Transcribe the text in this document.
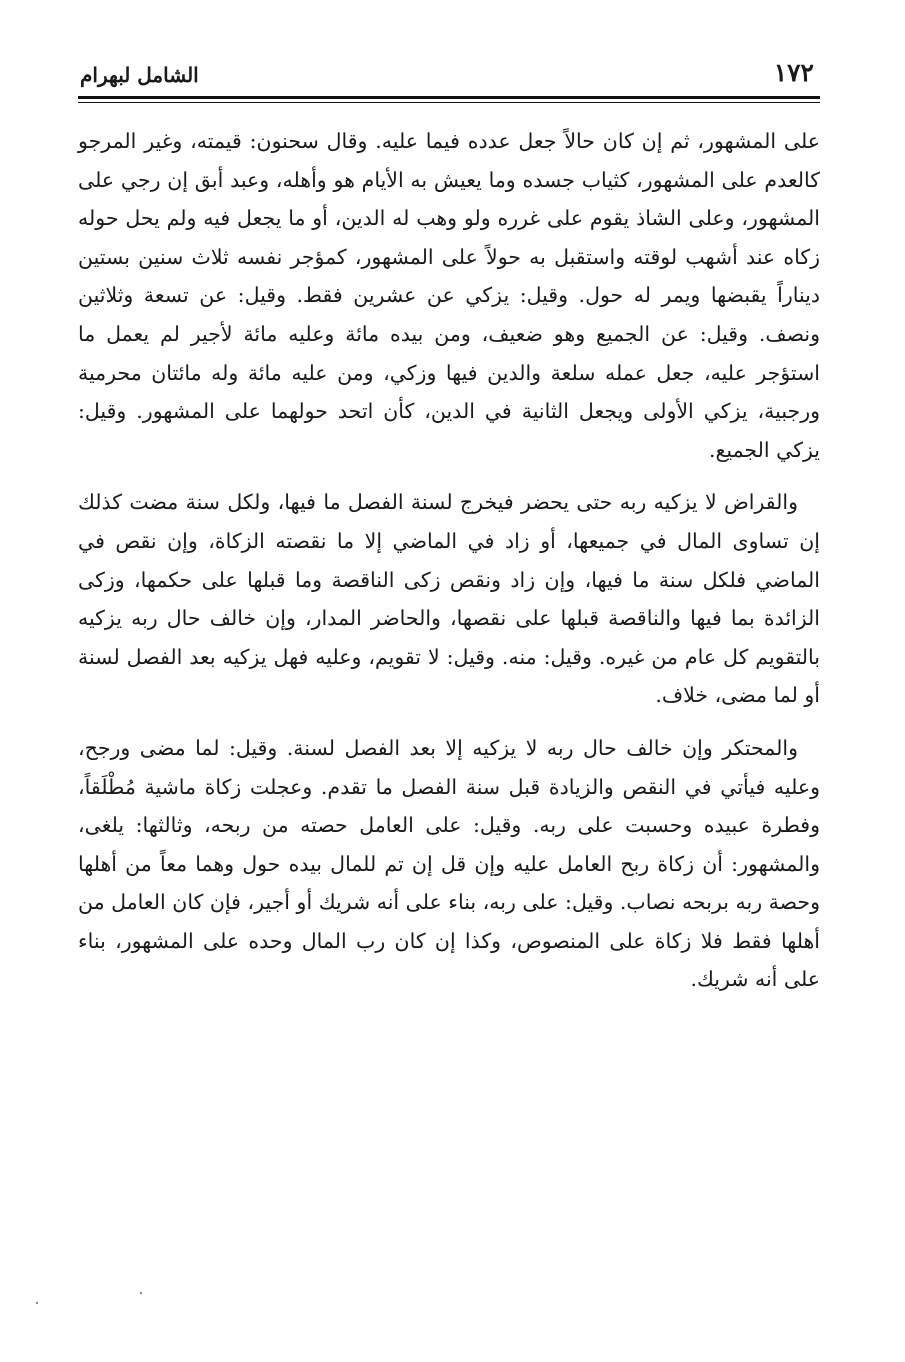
١٧٢
الشامل لبهرام

على المشهور، ثم إن كان حالاً جعل عدده فيما عليه. وقال سحنون: قيمته، وغير المرجو كالعدم على المشهور، كثياب جسده وما يعيش به الأيام هو وأهله، وعبد أبق إن رجي على المشهور، وعلى الشاذ يقوم على غرره ولو وهب له الدين، أو ما يجعل فيه ولم يحل حوله زكاه عند أشهب لوقته واستقبل به حولاً على المشهور، كمؤجر نفسه ثلاث سنين بستين ديناراً يقبضها ويمر له حول. وقيل: يزكي عن عشرين فقط. وقيل: عن تسعة وثلاثين ونصف. وقيل: عن الجميع وهو ضعيف، ومن بيده مائة وعليه مائة لأجير لم يعمل ما استؤجر عليه، جعل عمله سلعة والدين فيها وزكي، ومن عليه مائة وله مائتان محرمية ورجبية، يزكي الأولى ويجعل الثانية في الدين، كأن اتحد حولهما على المشهور. وقيل: يزكي الجميع.

والقراض لا يزكيه ربه حتى يحضر فيخرج لسنة الفصل ما فيها، ولكل سنة مضت كذلك إن تساوى المال في جميعها، أو زاد في الماضي إلا ما نقصته الزكاة، وإن نقص في الماضي فلكل سنة ما فيها، وإن زاد ونقص زكى الناقصة وما قبلها على حكمها، وزكى الزائدة بما فيها والناقصة قبلها على نقصها، والحاضر المدار، وإن خالف حال ربه يزكيه بالتقويم كل عام من غيره. وقيل: منه. وقيل: لا تقويم، وعليه فهل يزكيه بعد الفصل لسنة أو لما مضى، خلاف.

والمحتكر وإن خالف حال ربه لا يزكيه إلا بعد الفصل لسنة. وقيل: لما مضى ورجح، وعليه فيأتي في النقص والزيادة قبل سنة الفصل ما تقدم. وعجلت زكاة ماشية مُطْلَقاً، وفطرة عبيده وحسبت على ربه. وقيل: على العامل حصته من ربحه، وثالثها: يلغى، والمشهور: أن زكاة ربح العامل عليه وإن قل إن تم للمال بيده حول وهما معاً من أهلها وحصة ربه بربحه نصاب. وقيل: على ربه، بناء على أنه شريك أو أجير، فإن كان العامل من أهلها فقط فلا زكاة على المنصوص، وكذا إن كان رب المال وحده على المشهور، بناء على أنه شريك.
